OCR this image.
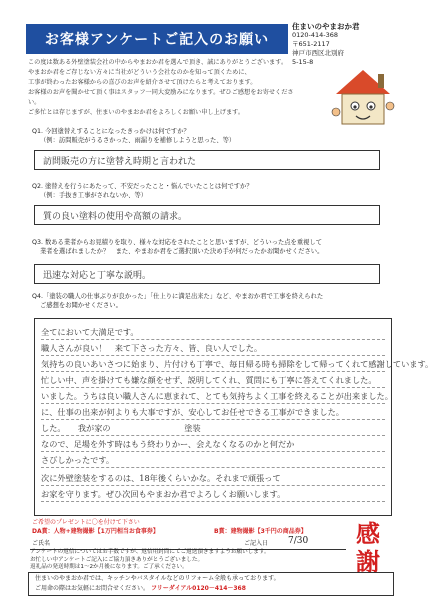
お客様アンケートご記入のお願い
住まいのやまおか君
0120-414-368
〒651-2117
神戸市西区北別府
5-15-8
この度は数ある外壁塗装会社の中からやまおか君を選んで頂き、誠にありがとうございます。
やまおか君をご存じない方々に当社がどういう会社なのかを知って頂くために、
工事が終わったお客様からの喜びのお声を紹介させて頂けたらと考えております。
お客様のお声を聞かせて頂く事はスタッフ一同大変励みになります。ぜひご感想をお寄せください。
ご多忙とは存じますが、住まいのやまおか君をよろしくお願い申し上げます。
Q1. 今回塗替えすることになったきっかけは何ですか？
（例：訪問販売がうるさかった、雨漏りを補修しようと思った、等）
訪問販売の方に塗替え時期と言われた
Q2. 塗替えを行うにあたって、不安だったこと・悩んでいたことは何ですか？
（例：手抜き工事がされないか、等）
質の良い塗料の使用や高額の請求。
Q3. 数ある業者からお見積りを取り、様々な対応をされたことと思いますが、どういった点を重視して
業者を選ばれましたか？　また、やまおか君をご選択頂いた決め手が何だったかお聞かせください。
迅速な対応と丁寧な説明。
Q4.「塗装の職人の仕事ぶりが良かった」「仕上りに満足出来た」など、やまおか君で工事を終えられた
ご感想をお聞かせください。
全てにおいて大満足です。
職人さんが良い！　来て下さった方々、皆、良い人でした。
気持ちの良いあいさつに始まり、片付けも丁寧で、毎日帰る時も掃除をして帰ってくれて感謝しています。
忙しい中、声を掛けても嫌な顔をせず、説明してくれ、質問にも丁寧に答えてくれました。
いました。うちは良い職人さんに恵まれて、とても気持ちよく工事を終えることが出来ました。
に、仕事の出来が何よりも大事ですが、安心してお任せできる工事ができました。
した。　　我が家の　　　　　　　　　塗装
なので、足場を外す時はもう終わりかー、会えなくなるのかと何だか
さびしかったです。
次に外壁塗装をするのは、18年後くらいかな。それまで頑張って
お家を守ります。ぜひ次回もやまおか君でよろしくお願いします。
ご希望のプレゼントに〇を付けて下さい
DA賞：人物+建物撮影【1万円相当お食事券】	B賞：建物撮影【3千円の商品券】
ご氏名	ご記入日 7/30 感謝
住まいのやまおか君では、キッチンやバスタイルなどのリフォーム全般も承っております。
ご用命の際はお気軽にお問合せください。 フリーダイアル0120－414－368
アンケートの返信についてはお手数ですが、返信用封筒にてご返送頂きますようお願いします。
お忙しい中アンケートご記入にご協力頂きありがとうございました。
返礼品の発送時期は1～2か月後になります。ご了承ください。
